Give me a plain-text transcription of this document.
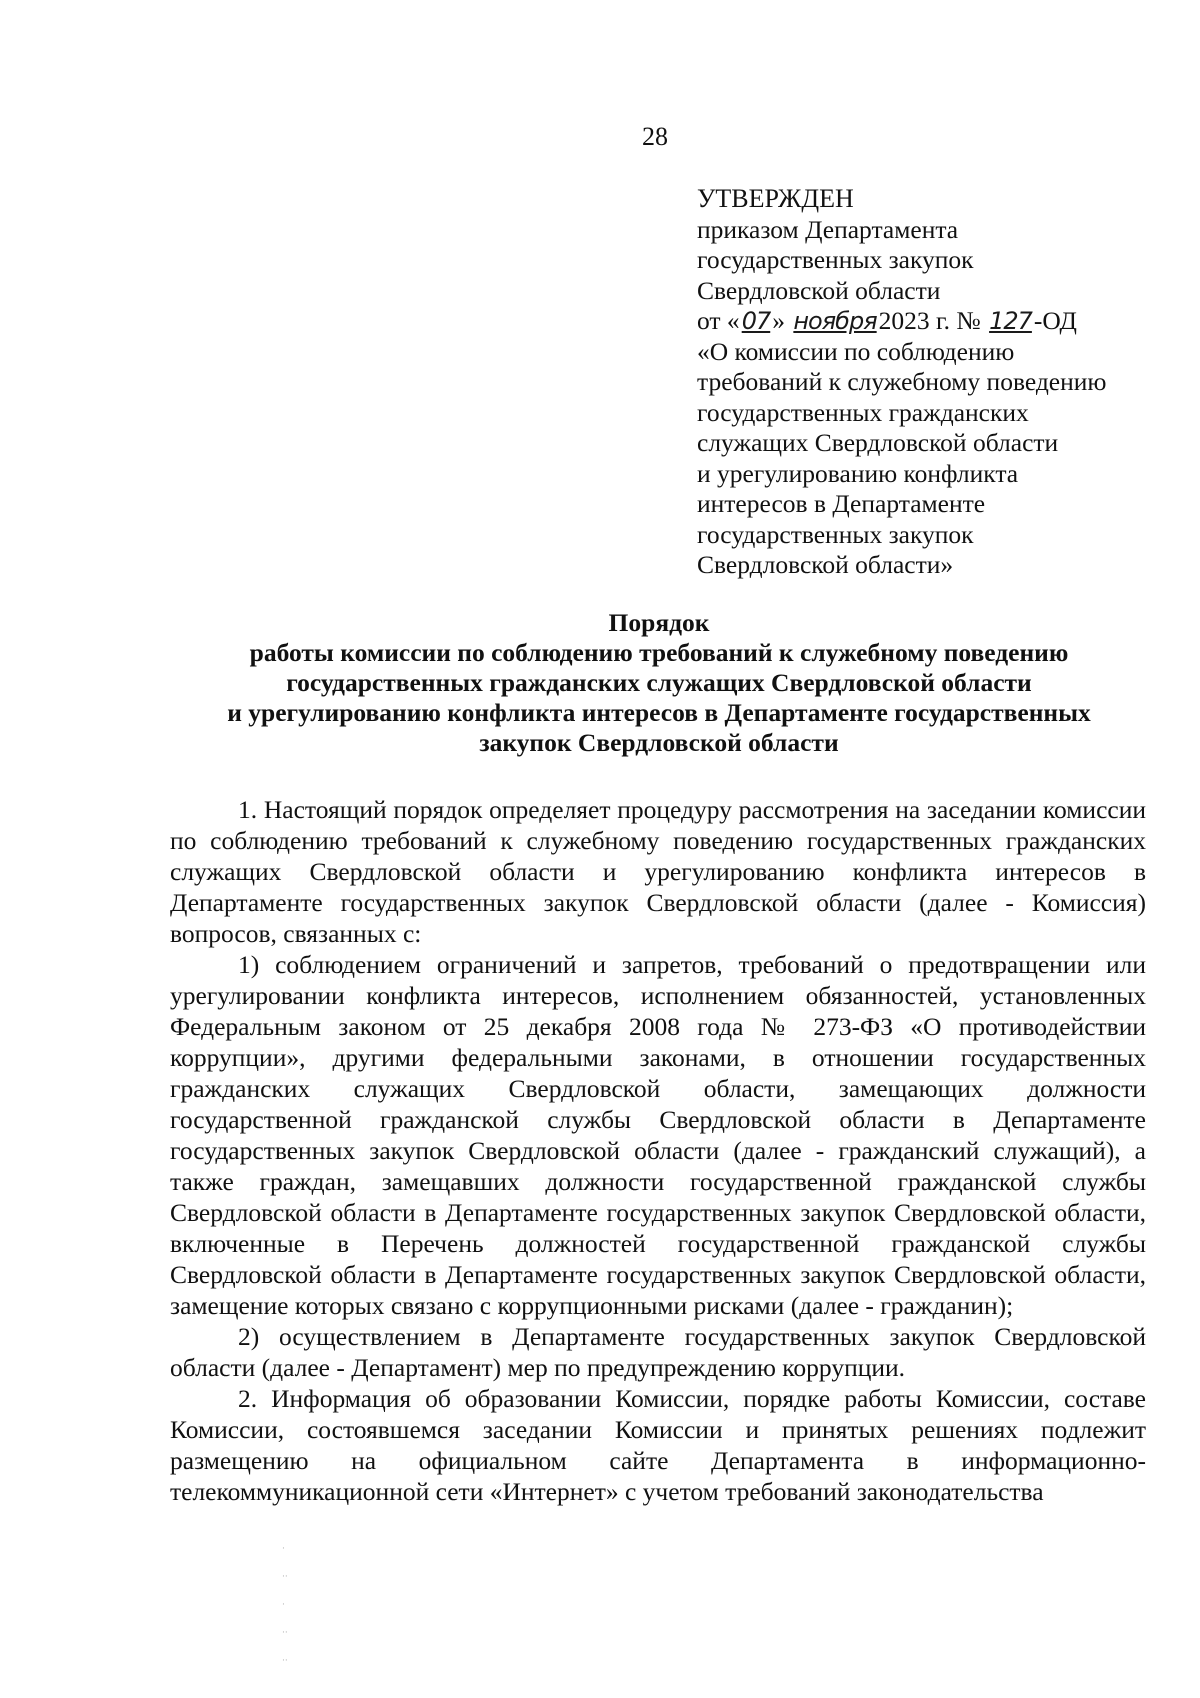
28
УТВЕРЖДЕН
приказом Департамента
государственных закупок
Свердловской области
от «07» ноября2023 г. № 127-ОД
«О комиссии по соблюдению
требований к служебному поведению
государственных гражданских
служащих Свердловской области
и урегулированию конфликта
интересов в Департаменте
государственных закупок
Свердловской области»
Порядок
работы комиссии по соблюдению требований к служебному поведению
государственных гражданских служащих Свердловской области
и урегулированию конфликта интересов в Департаменте государственных
закупок Свердловской области

1. Настоящий порядок определяет процедуру рассмотрения на заседании комиссии по соблюдению требований к служебному поведению государственных гражданских служащих Свердловской области и урегулированию конфликта интересов в Департаменте государственных закупок Свердловской области (далее - Комиссия) вопросов, связанных с:

1) соблюдением ограничений и запретов, требований о предотвращении или урегулировании конфликта интересов, исполнением обязанностей, установленных Федеральным законом от 25 декабря 2008 года № 273-ФЗ «О противодействии коррупции», другими федеральными законами, в отношении государственных гражданских служащих Свердловской области, замещающих должности государственной гражданской службы Свердловской области в Департаменте государственных закупок Свердловской области (далее - гражданский служащий), а также граждан, замещавших должности государственной гражданской службы Свердловской области в Департаменте государственных закупок Свердловской области, включенные в Перечень должностей государственной гражданской службы Свердловской области в Департаменте государственных закупок Свердловской области, замещение которых связано с коррупционными рисками (далее - гражданин);

2) осуществлением в Департаменте государственных закупок Свердловской области (далее - Департамент) мер по предупреждению коррупции.

2. Информация об образовании Комиссии, порядке работы Комиссии, составе Комиссии, состоявшемся заседании Комиссии и принятых решениях подлежит размещению на официальном сайте Департамента в информационно-телекоммуникационной сети «Интернет» с учетом требований законодательства

·
··
·
··
··
